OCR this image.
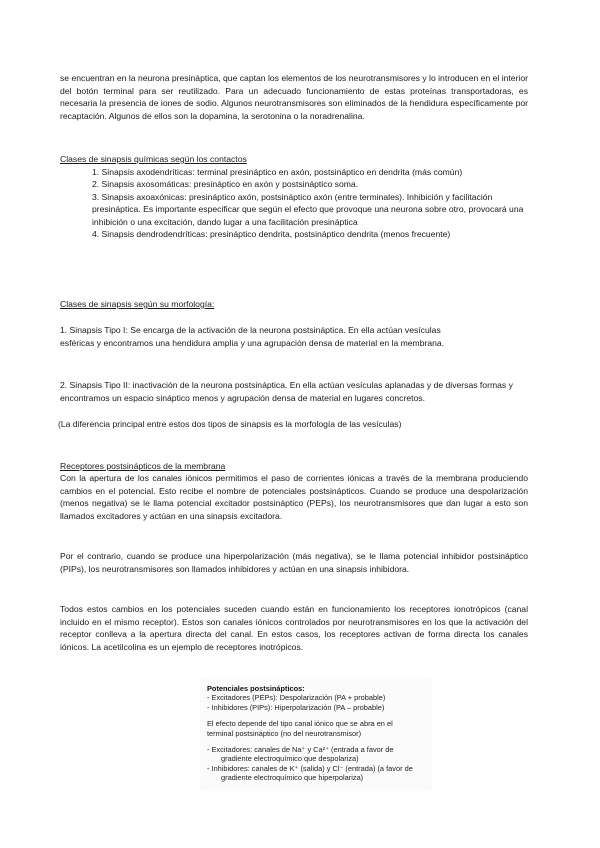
se encuentran en la neurona presináptica, que captan los elementos de los neurotransmisores y lo introducen en el interior del botón terminal para ser reutilizado. Para un adecuado funcionamiento de estas proteínas transportadoras, es necesaria la presencia de iones de sodio. Algunos neurotransmisores son eliminados de la hendidura específicamente por recaptación. Algunos de ellos son la dopamina, la serotonina o la noradrenalina.

Clases de sinapsis químicas según los contactos

1. Sinapsis axodendríticas: terminal presináptico en axón, postsináptico en dendrita (más común)
2. Sinapsis axosomáticas: presináptico en axón y postsináptico soma.
3. Sinapsis axoaxónicas: presináptico axón, postsináptico axón (entre terminales). Inhibición y facilitación presináptica. Es importante especificar que según el efecto que provoque una neurona sobre otro, provocará una inhibición o una excitación, dando lugar a una facilitación presináptica
4. Sinapsis dendrodendríticas: presináptico dendrita, postsináptico dendrita (menos frecuente)

Clases de sinapsis según su morfología:

1. Sinapsis Tipo I: Se encarga de la activación de la neurona postsináptica. En ella actúan vesículas esféricas y encontramos una hendidura amplia y una agrupación densa de material en la membrana.

2. Sinapsis Tipo II: inactivación de la neurona postsináptica. En ella actúan vesículas aplanadas y de diversas formas y encontramos un espacio sináptico menos y agrupación densa de material en lugares concretos.

(La diferencia principal entre estos dos tipos de sinapsis es la morfología de las vesículas)

Receptores postsinápticos de la membrana

Con la apertura de los canales iónicos permitimos el paso de corrientes iónicas a través de la membrana produciendo cambios en el potencial. Esto recibe el nombre de potenciales postsinápticos. Cuando se produce una despolarización (menos negativa) se le llama potencial excitador postsináptico (PEPs), los neurotransmisores que dan lugar a esto son llamados excitadores y actúan en una sinapsis excitadora.

Por el contrario, cuando se produce una hiperpolarización (más negativa), se le llama potencial inhibidor postsináptico (PIPs), los neurotransmisores son llamados inhibidores y actúan en una sinapsis inhibidora.

Todos estos cambios en los potenciales suceden cuando están en funcionamiento los receptores ionotrópicos (canal incluido en el mismo receptor). Estos son canales iónicos controlados por neurotransmisores en los que la activación del receptor conlleva a la apertura directa del canal. En estos casos, los receptores activan de forma directa los canales iónicos. La acetilcolina es un ejemplo de receptores inotrópicos.

Potenciales postsinápticos:
- Excitadores (PEPs): Despolarización (PA + probable)
- Inhibidores (PIPs): Hiperpolarización (PA – probable)
El efecto depende del tipo canal iónico que se abra en el
terminal postsináptico (no del neurotransmisor)
- Excitadores: canales de Na⁺ y Ca²⁺ (entrada a favor de
gradiente electroquímico que despolariza)
- Inhibidores: canales de K⁺ (salida) y Cl⁻ (entrada) (a favor de
gradiente electroquímico que hiperpolariza)
